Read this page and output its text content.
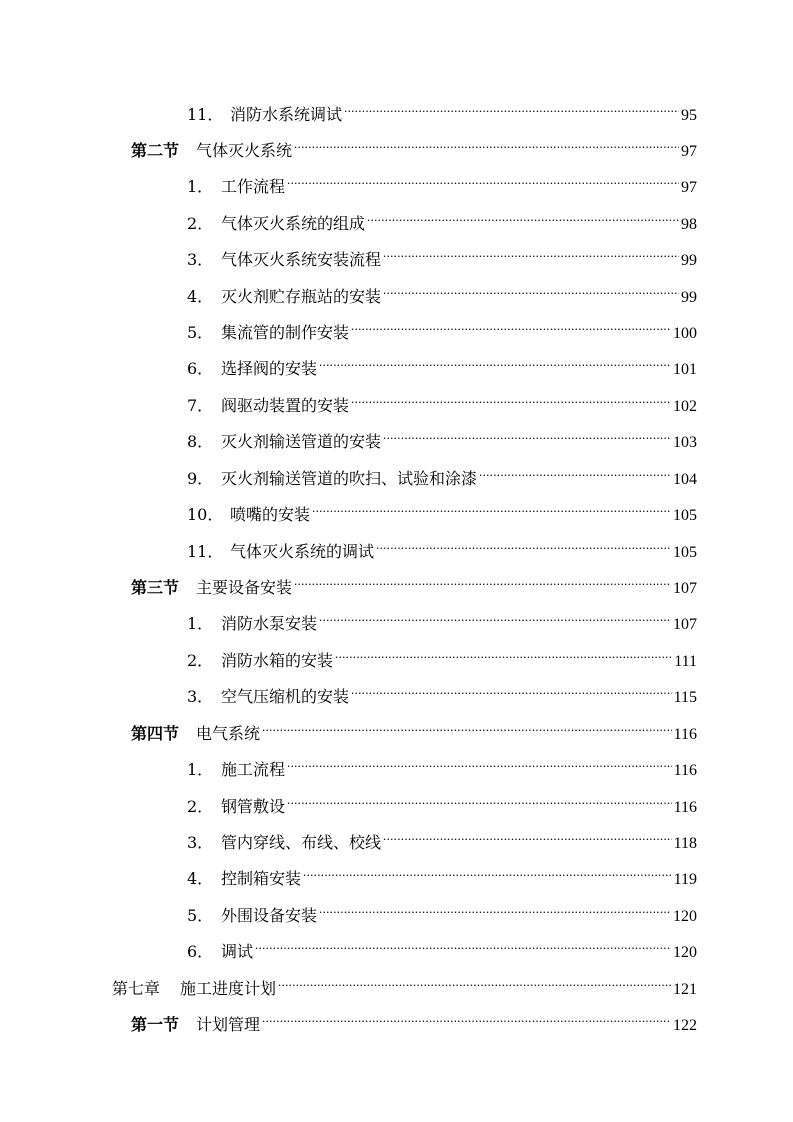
11． 消防水系统调试 .....	95
第二节	气体灭火系统 .....	97
1． 工作流程 .....	97
2． 气体灭火系统的组成 .....	98
3． 气体灭火系统安装流程 .....	99
4． 灭火剂贮存瓶站的安装 .....	99
5． 集流管的制作安装 .....	100
6． 选择阀的安装 .....	101
7． 阀驱动装置的安装 .....	102
8． 灭火剂输送管道的安装 .....	103
9． 灭火剂输送管道的吹扫、试验和涂漆 .....	104
10． 喷嘴的安装 .....	105
11． 气体灭火系统的调试 .....	105
第三节	主要设备安装 .....	107
1． 消防水泵安装 .....	107
2． 消防水箱的安装 .....	111
3． 空气压缩机的安装 .....	115
第四节	电气系统 .....	116
1． 施工流程 .....	116
2． 钢管敷设 .....	116
3． 管内穿线、布线、校线 .....	118
4． 控制箱安装 .....	119
5． 外围设备安装 .....	120
6． 调试 .....	120
第七章	施工进度计划 .....	121
第一节	计划管理 .....	122
